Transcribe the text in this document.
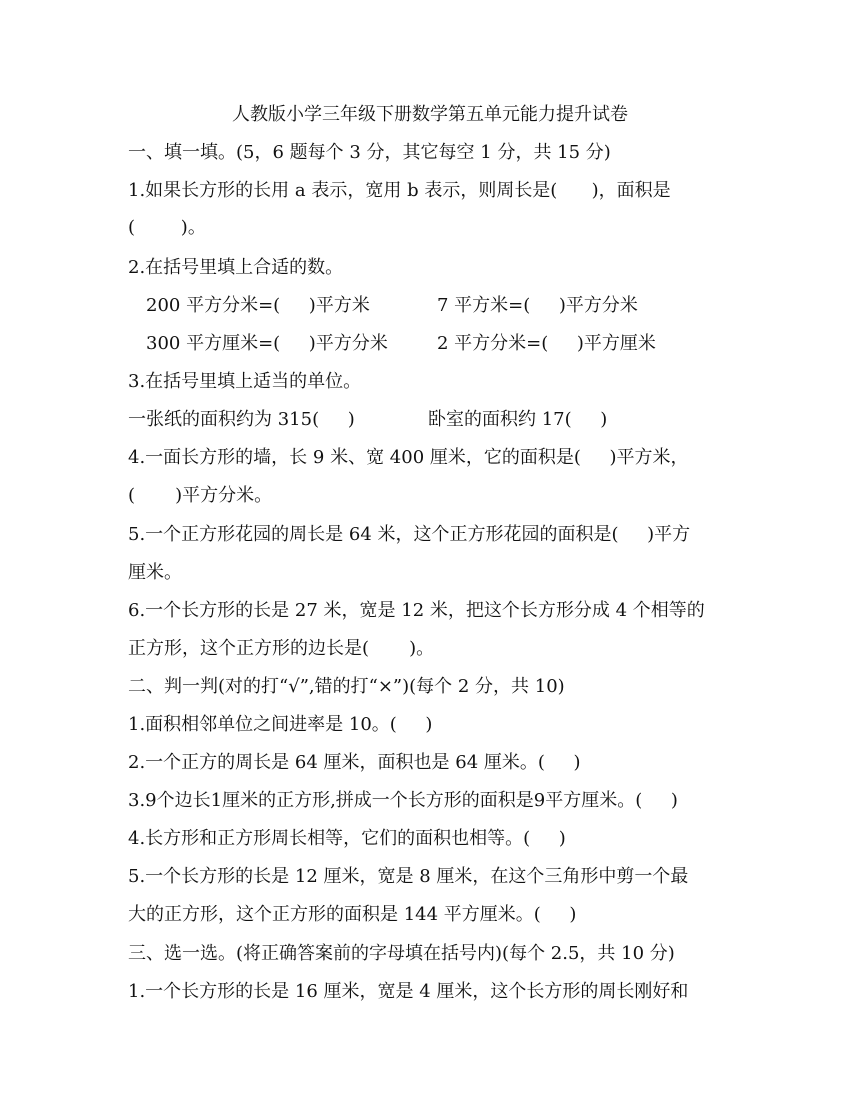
人教版小学三年级下册数学第五单元能力提升试卷
一、填一填。(5，6 题每个 3 分，其它每空 1 分，共 15 分)
1.如果长方形的长用 a 表示，宽用 b 表示，则周长是(      )，面积是
(        )。
2.在括号里填上合适的数。

200 平方分米=(     )平方米

	7 平方米=(     )平方分米

300 平方厘米=(     )平方分米

	2 平方分米=(     )平方厘米

3.在括号里填上适当的单位。

一张纸的面积约为 315(     )

	卧室的面积约 17(     )

4.一面长方形的墙，长 9 米、宽 400 厘米，它的面积是(     )平方米，
(       )平方分米。
5.一个正方形花园的周长是 64 米，这个正方形花园的面积是(     )平方
厘米。
6.一个长方形的长是 27 米，宽是 12 米，把这个长方形分成 4 个相等的
正方形，这个正方形的边长是(       )。
二、判一判(对的打“√”,错的打“×”)(每个 2 分，共 10)
1.面积相邻单位之间进率是 10。(     )
2.一个正方的周长是 64 厘米，面积也是 64 厘米。(     )
3.9个边长1厘米的正方形,拼成一个长方形的面积是9平方厘米。(     )
4.长方形和正方形周长相等，它们的面积也相等。(     )
5.一个长方形的长是 12 厘米，宽是 8 厘米，在这个三角形中剪一个最
大的正方形，这个正方形的面积是 144 平方厘米。(     )
三、选一选。(将正确答案前的字母填在括号内)(每个 2.5，共 10 分)
1.一个长方形的长是 16 厘米，宽是 4 厘米，这个长方形的周长刚好和
